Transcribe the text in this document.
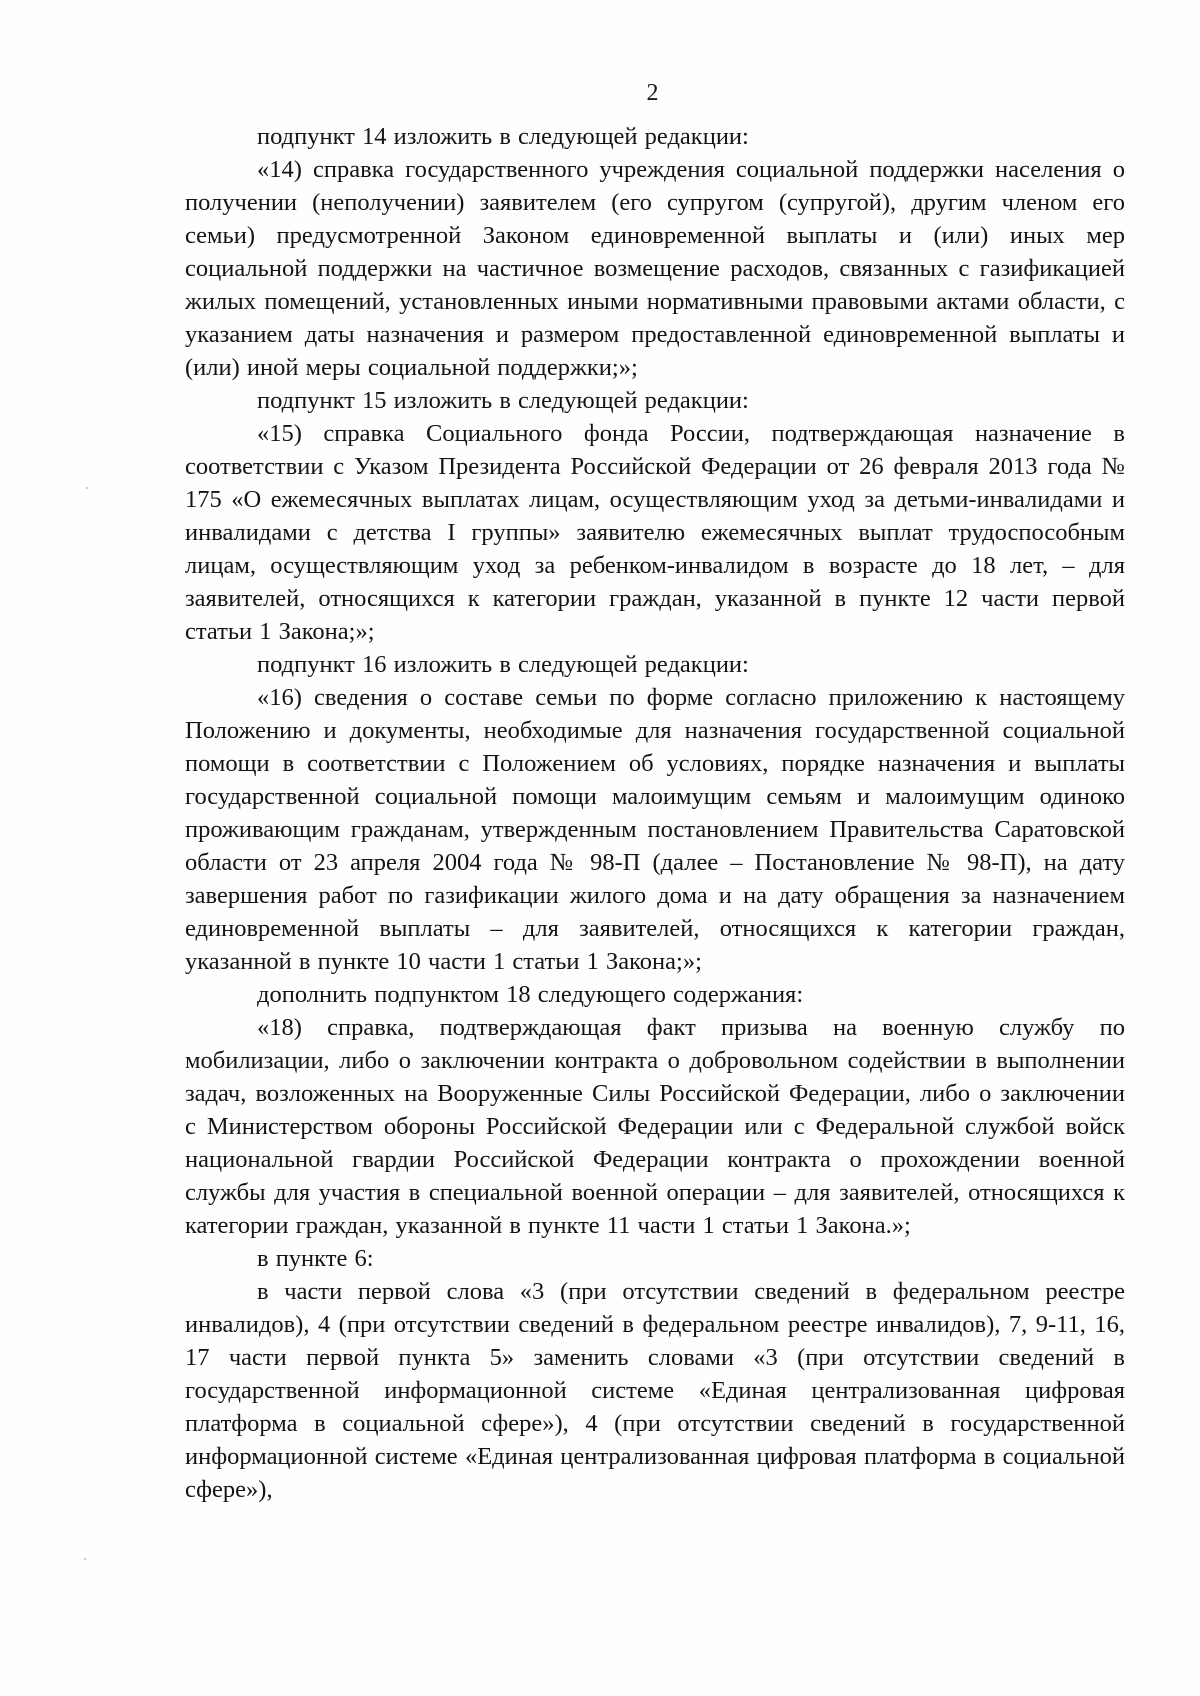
2

подпункт 14 изложить в следующей редакции:

«14) справка государственного учреждения социальной поддержки населения о получении (неполучении) заявителем (его супругом (супругой), другим членом его семьи) предусмотренной Законом единовременной выплаты и (или) иных мер социальной поддержки на частичное возмещение расходов, связанных с газификацией жилых помещений, установленных иными нормативными правовыми актами области, с указанием даты назначения и размером предоставленной единовременной выплаты и (или) иной меры социальной поддержки;»;

подпункт 15 изложить в следующей редакции:

«15) справка Социального фонда России, подтверждающая назначение в соответствии с Указом Президента Российской Федерации от 26 февраля 2013 года № 175 «О ежемесячных выплатах лицам, осуществляющим уход за детьми-инвалидами и инвалидами с детства I группы» заявителю ежемесячных выплат трудоспособным лицам, осуществляющим уход за ребенком-инвалидом в возрасте до 18 лет, – для заявителей, относящихся к категории граждан, указанной в пункте 12 части первой статьи 1 Закона;»;

подпункт 16 изложить в следующей редакции:

«16) сведения о составе семьи по форме согласно приложению к настоящему Положению и документы, необходимые для назначения государственной социальной помощи в соответствии с Положением об условиях, порядке назначения и выплаты государственной социальной помощи малоимущим семьям и малоимущим одиноко проживающим гражданам, утвержденным постановлением Правительства Саратовской области от 23 апреля 2004 года № 98-П (далее – Постановление № 98-П), на дату завершения работ по газификации жилого дома и на дату обращения за назначением единовременной выплаты – для заявителей, относящихся к категории граждан, указанной в пункте 10 части 1 статьи 1 Закона;»;

дополнить подпунктом 18 следующего содержания:

«18) справка, подтверждающая факт призыва на военную службу по мобилизации, либо о заключении контракта о добровольном содействии в выполнении задач, возложенных на Вооруженные Силы Российской Федерации, либо о заключении с Министерством обороны Российской Федерации или с Федеральной службой войск национальной гвардии Российской Федерации контракта о прохождении военной службы для участия в специальной военной операции – для заявителей, относящихся к категории граждан, указанной в пункте 11 части 1 статьи 1 Закона.»;

в пункте 6:

в части первой слова «3 (при отсутствии сведений в федеральном реестре инвалидов), 4 (при отсутствии сведений в федеральном реестре инвалидов), 7, 9-11, 16, 17 части первой пункта 5» заменить словами «3 (при отсутствии сведений в государственной информационной системе «Единая централизованная цифровая платформа в социальной сфере»), 4 (при отсутствии сведений в государственной информационной системе «Единая централизованная цифровая платформа в социальной сфере»),
